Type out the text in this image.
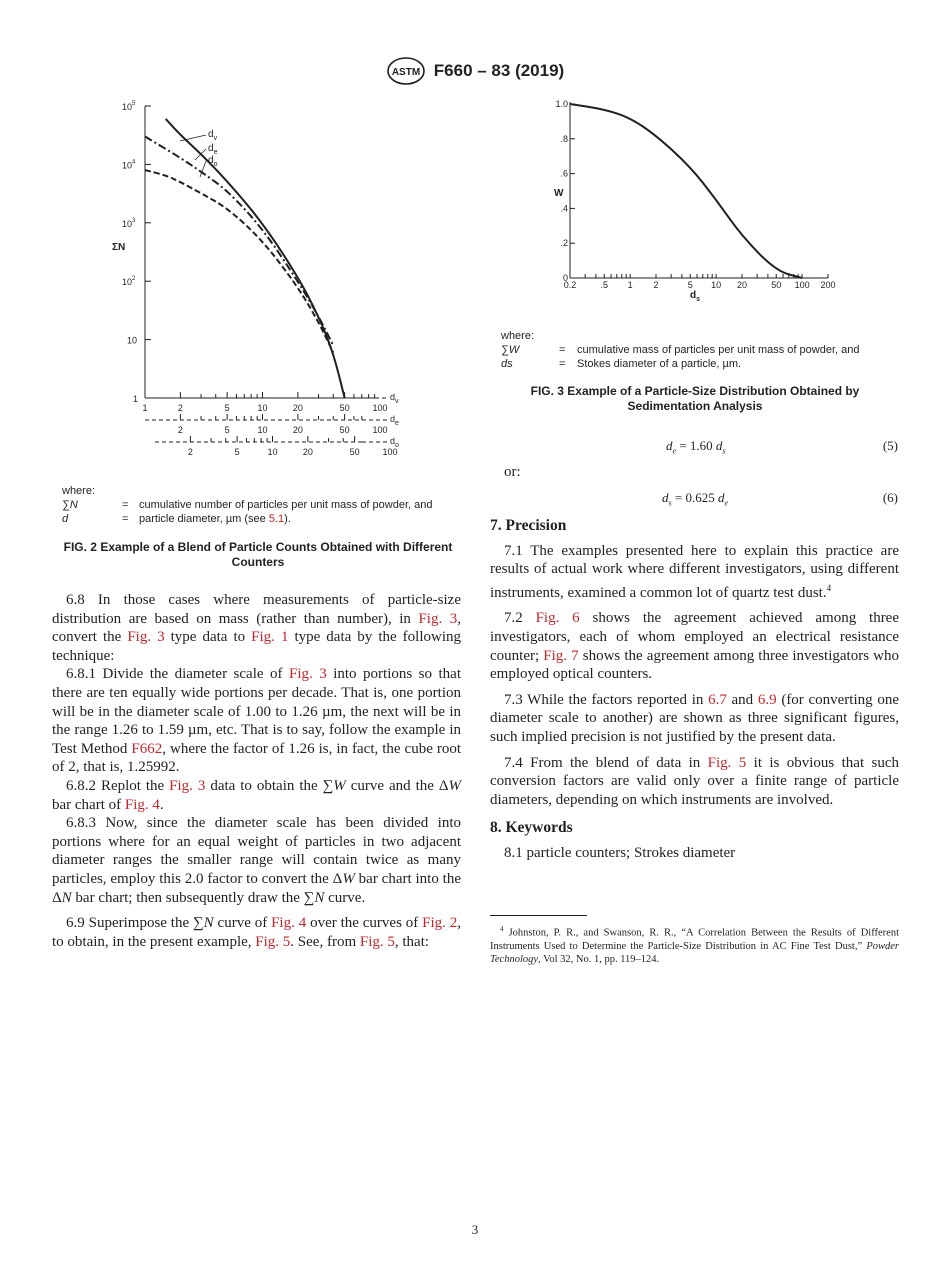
ASTM F660 – 83 (2019)
$10^5$
$10^4$
$10^3$
$10^2$
10
1
ΣN
1	2	5	10	20	50	100
$d_v$
2	5	10	20	50	100
$d_e$
2	5	10	20	50	100
$d_o$
$d_v$
$d_e$
$d_o$
where:
∑N	= cumulative number of particles per unit mass of powder, and
d	= particle diameter, µm (see 5.1).
FIG. 2 Example of a Blend of Particle Counts Obtained with Different Counters

6.8 In those cases where measurements of particle-size distribution are based on mass (rather than number), in Fig. 3, convert the Fig. 3 type data to Fig. 1 type data by the following technique:

6.8.1 Divide the diameter scale of Fig. 3 into portions so that there are ten equally wide portions per decade. That is, one portion will be in the diameter scale of 1.00 to 1.26 µm, the next will be in the range 1.26 to 1.59 µm, etc. That is to say, follow the example in Test Method F662, where the factor of 1.26 is, in fact, the cube root of 2, that is, 1.25992.

6.8.2 Replot the Fig. 3 data to obtain the ∑W curve and the ΔW bar chart of Fig. 4.

6.8.3 Now, since the diameter scale has been divided into portions where for an equal weight of particles in two adjacent diameter ranges the smaller range will contain twice as many particles, employ this 2.0 factor to convert the ΔW bar chart into the ΔN bar chart; then subsequently draw the ∑N curve.

6.9 Superimpose the ∑N curve of Fig. 4 over the curves of Fig. 2, to obtain, in the present example, Fig. 5. See, from Fig. 5, that:

1.0
.8
.6
.4
.2
0
0.2	.5 1 2	5 10 20	50 100 200
W
$d_s$
where:
∑W	= cumulative mass of particles per unit mass of powder, and
ds	= Stokes diameter of a particle, µm.
FIG. 3 Example of a Particle-Size Distribution Obtained by Sedimentation Analysis
$d_e = 1.60$ $d_s$	(5)
or:
$d_s = 0.625$ $d_e$	(6)

7. Precision

7.1 The examples presented here to explain this practice are results of actual work where different investigators, using different instruments, examined a common lot of quartz test dust.$^4$

7.2 Fig. 6 shows the agreement achieved among three investigators, each of whom employed an electrical resistance counter; Fig. 7 shows the agreement among three investigators who employed optical counters.

7.3 While the factors reported in 6.7 and 6.9 (for converting one diameter scale to another) are shown as three significant figures, such implied precision is not justified by the present data.

7.4 From the blend of data in Fig. 5 it is obvious that such conversion factors are valid only over a finite range of particle diameters, depending on which instruments are involved.

8. Keywords

8.1 particle counters; Strokes diameter

$^4$ Johnston, P. R., and Swanson, R. R., “A Correlation Between the Results of Different Instruments Used to Determine the Particle-Size Distribution in AC Fine Test Dust,” Powder Technology, Vol 32, No. 1, pp. 119–124.
3
